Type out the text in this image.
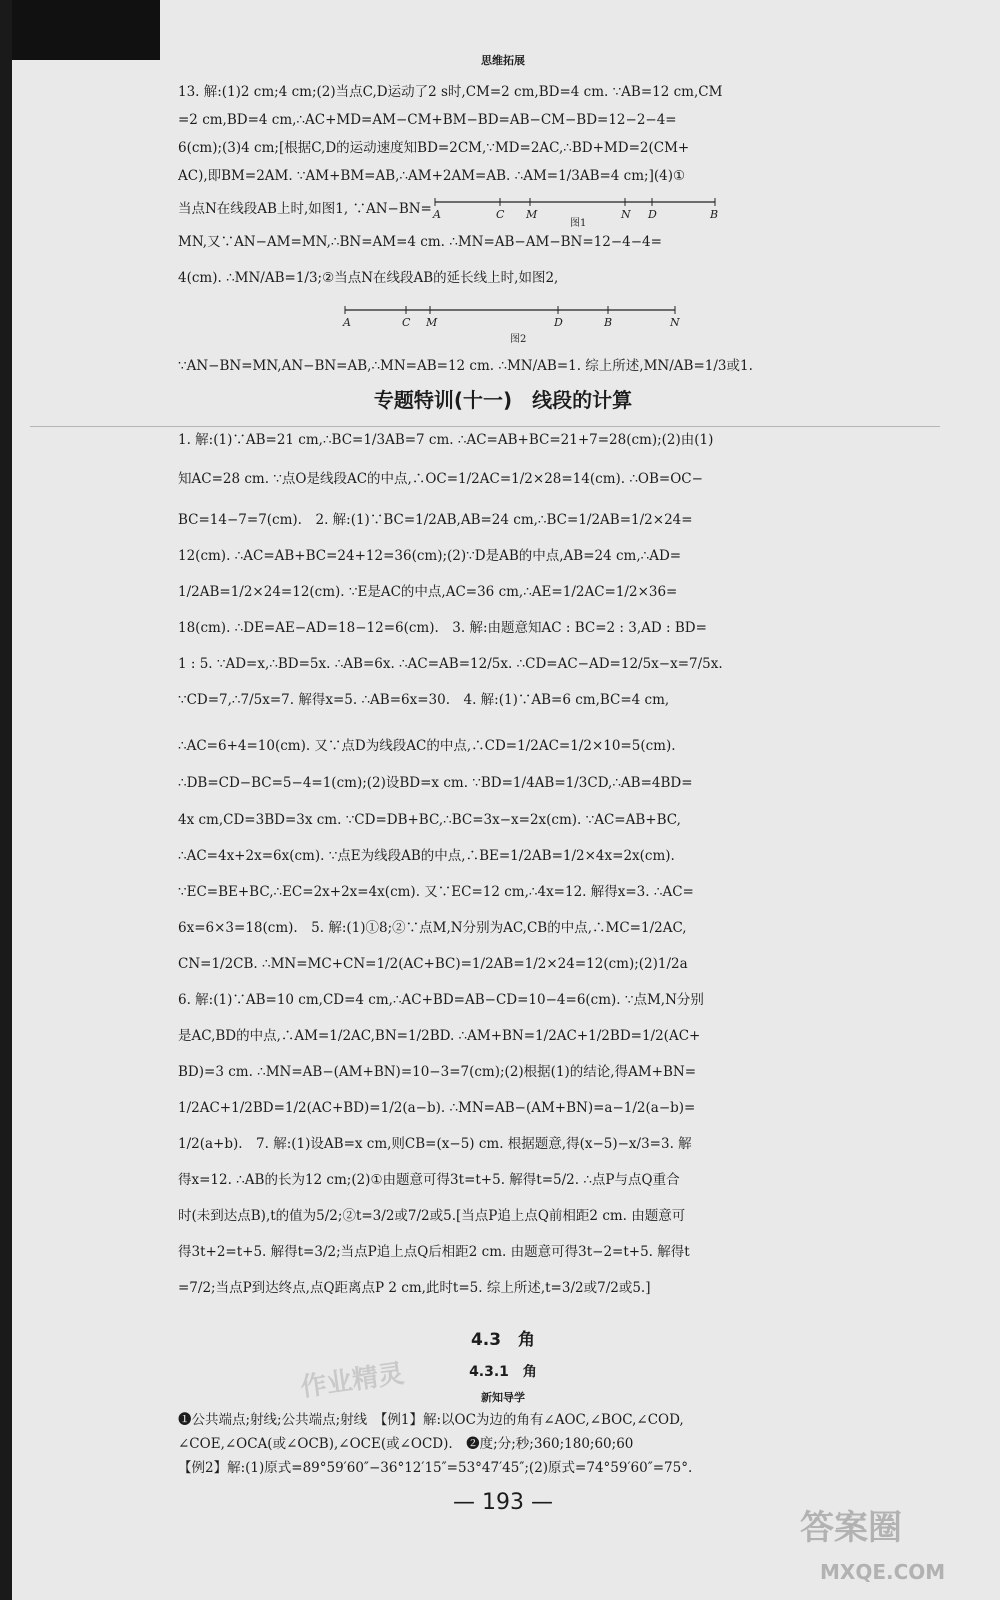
思维拓展
13. 解:(1)2 cm;4 cm;(2)当点C,D运动了2 s时,CM=2 cm,BD=4 cm. ∵AB=12 cm,CM
=2 cm,BD=4 cm,∴AC+MD=AM−CM+BM−BD=AB−CM−BD=12−2−4=
6(cm);(3)4 cm;[根据C,D的运动速度知BD=2CM,∵MD=2AC,∴BD+MD=2(CM+
AC),即BM=2AM. ∵AM+BM=AB,∴AM+2AM=AB. ∴AM=1/3AB=4 cm;](4)①
当点N在线段AB上时,如图1, ∵AN−BN= A	C M	N D	B
图1
MN,又∵AN−AM=MN,∴BN=AM=4 cm. ∴MN=AB−AM−BN=12−4−4=
4(cm). ∴MN/AB=1/3;②当点N在线段AB的延长线上时,如图2,
A	C M	D	B	N
图2
∵AN−BN=MN,AN−BN=AB,∴MN=AB=12 cm. ∴MN/AB=1. 综上所述,MN/AB=1/3或1.
专题特训(十一)　线段的计算
1. 解:(1)∵AB=21 cm,∴BC=1/3AB=7 cm. ∴AC=AB+BC=21+7=28(cm);(2)由(1)
知AC=28 cm. ∵点O是线段AC的中点,∴OC=1/2AC=1/2×28=14(cm). ∴OB=OC−
BC=14−7=7(cm).　2. 解:(1)∵BC=1/2AB,AB=24 cm,∴BC=1/2AB=1/2×24=
12(cm). ∴AC=AB+BC=24+12=36(cm);(2)∵D是AB的中点,AB=24 cm,∴AD=
1/2AB=1/2×24=12(cm). ∵E是AC的中点,AC=36 cm,∴AE=1/2AC=1/2×36=
18(cm). ∴DE=AE−AD=18−12=6(cm).　3. 解:由题意知AC : BC=2 : 3,AD : BD=
1 : 5. ∵AD=x,∴BD=5x. ∴AB=6x. ∴AC=AB=12/5x. ∴CD=AC−AD=12/5x−x=7/5x.
∵CD=7,∴7/5x=7. 解得x=5. ∴AB=6x=30.　4. 解:(1)∵AB=6 cm,BC=4 cm,
∴AC=6+4=10(cm). 又∵点D为线段AC的中点,∴CD=1/2AC=1/2×10=5(cm).
∴DB=CD−BC=5−4=1(cm);(2)设BD=x cm. ∵BD=1/4AB=1/3CD,∴AB=4BD=
4x cm,CD=3BD=3x cm. ∵CD=DB+BC,∴BC=3x−x=2x(cm). ∵AC=AB+BC,
∴AC=4x+2x=6x(cm). ∵点E为线段AB的中点,∴BE=1/2AB=1/2×4x=2x(cm).
∵EC=BE+BC,∴EC=2x+2x=4x(cm). 又∵EC=12 cm,∴4x=12. 解得x=3. ∴AC=
6x=6×3=18(cm).　5. 解:(1)①8;②∵点M,N分别为AC,CB的中点,∴MC=1/2AC,
CN=1/2CB. ∴MN=MC+CN=1/2(AC+BC)=1/2AB=1/2×24=12(cm);(2)1/2a
6. 解:(1)∵AB=10 cm,CD=4 cm,∴AC+BD=AB−CD=10−4=6(cm). ∵点M,N分别
是AC,BD的中点,∴AM=1/2AC,BN=1/2BD. ∴AM+BN=1/2AC+1/2BD=1/2(AC+
BD)=3 cm. ∴MN=AB−(AM+BN)=10−3=7(cm);(2)根据(1)的结论,得AM+BN=
1/2AC+1/2BD=1/2(AC+BD)=1/2(a−b). ∴MN=AB−(AM+BN)=a−1/2(a−b)=
1/2(a+b).　7. 解:(1)设AB=x cm,则CB=(x−5) cm. 根据题意,得(x−5)−x/3=3. 解
得x=12. ∴AB的长为12 cm;(2)①由题意可得3t=t+5. 解得t=5/2. ∴点P与点Q重合
时(未到达点B),t的值为5/2;②t=3/2或7/2或5.[当点P追上点Q前相距2 cm. 由题意可
得3t+2=t+5. 解得t=3/2;当点P追上点Q后相距2 cm. 由题意可得3t−2=t+5. 解得t
=7/2;当点P到达终点,点Q距离点P 2 cm,此时t=5. 综上所述,t=3/2或7/2或5.]
4.3　角
4.3.1　角
新知导学
❶公共端点;射线;公共端点;射线　【例1】解:以OC为边的角有∠AOC,∠BOC,∠COD,
∠COE,∠OCA(或∠OCB),∠OCE(或∠OCD).　❷度;分;秒;360;180;60;60
【例2】解:(1)原式=89°59′60″−36°12′15″=53°47′45″;(2)原式=74°59′60″=75°.
— 193 —
作业精灵
答案圈
MXQE.COM
